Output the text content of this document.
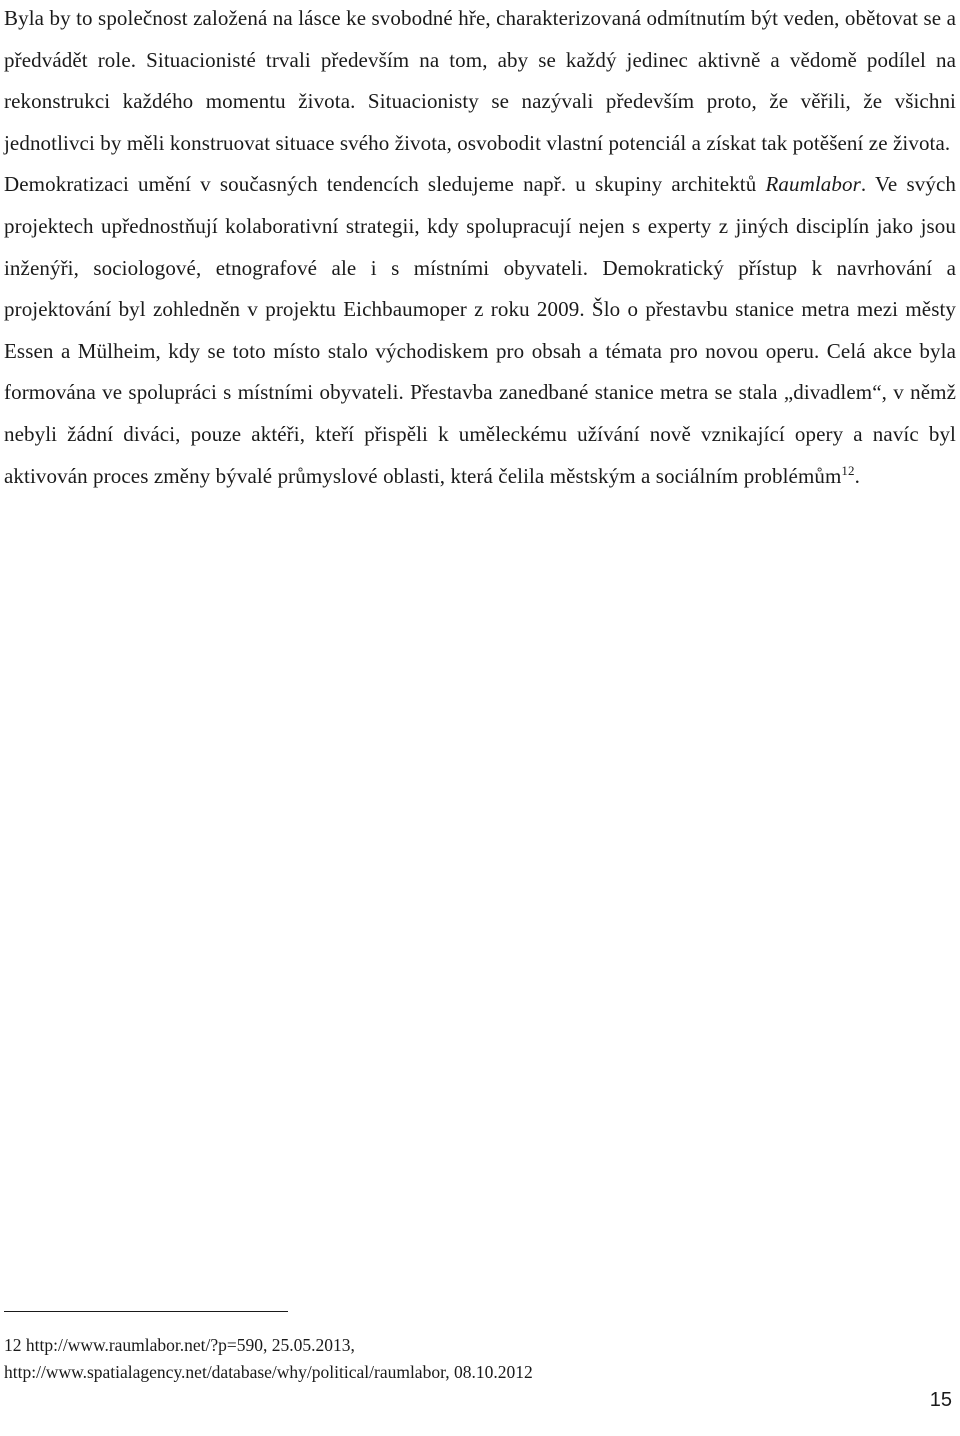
Byla by to společnost založená na lásce ke svobodné hře, charakterizovaná odmítnutím být veden, obětovat se a předvádět role. Situacionisté trvali především na tom, aby se každý jedinec aktivně a vědomě podílel na rekonstrukci každého momentu života. Situacionisty se nazývali především proto, že věřili, že všichni jednotlivci by měli konstruovat situace svého života, osvobodit vlastní potenciál a získat tak potěšení ze života.

Demokratizaci umění v současných tendencích sledujeme např. u skupiny architektů Raumlabor. Ve svých projektech upřednostňují kolaborativní strategii, kdy spolupracují nejen s experty z jiných disciplín jako jsou inženýři, sociologové, etnografové ale i s místními obyvateli. Demokratický přístup k navrhování a projektování byl zohledněn v projektu Eichbaumoper z roku 2009. Šlo o přestavbu stanice metra mezi městy Essen a Mülheim, kdy se toto místo stalo východiskem pro obsah a témata pro novou operu. Celá akce byla formována ve spolupráci s místními obyvateli. Přestavba zanedbané stanice metra se stala „divadlem“, v němž nebyli žádní diváci, pouze aktéři, kteří přispěli k uměleckému užívání nově vznikající opery a navíc byl aktivován proces změny bývalé průmyslové oblasti, která čelila městským a sociálním problémům$^{12}$.

12 http://www.raumlabor.net/?p=590, 25.05.2013,
http://www.spatialagency.net/database/why/political/raumlabor, 08.10.2012
15
